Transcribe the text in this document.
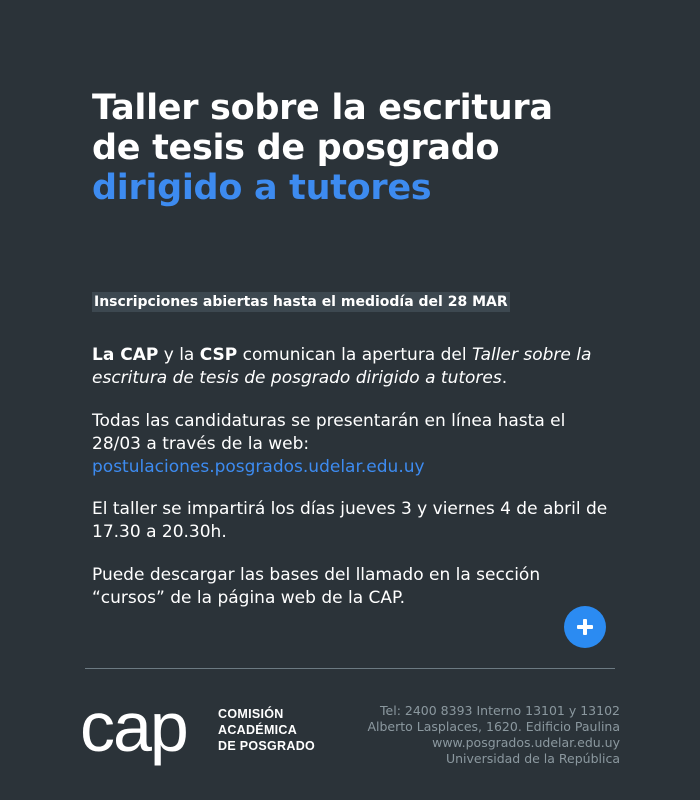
Taller sobre la escritura de tesis de posgrado dirigido a tutores
Inscripciones abiertas hasta el mediodía del 28 MAR

La CAP y la CSP comunican la apertura del Taller sobre la escritura de tesis de posgrado dirigido a tutores.

Todas las candidaturas se presentarán en línea hasta el 28/03 a través de la web:
postulaciones.posgrados.udelar.edu.uy

El taller se impartirá los días jueves 3 y viernes 4 de abril de 17.30 a 20.30h.

Puede descargar las bases del llamado en la sección “cursos” de la página web de la CAP.

cap COMISIÓN
ACADÉMICA
DE POSGRADO
Tel: 2400 8393 Interno 13101 y 13102
Alberto Lasplaces, 1620. Edificio Paulina
www.posgrados.udelar.edu.uy
Universidad de la República
